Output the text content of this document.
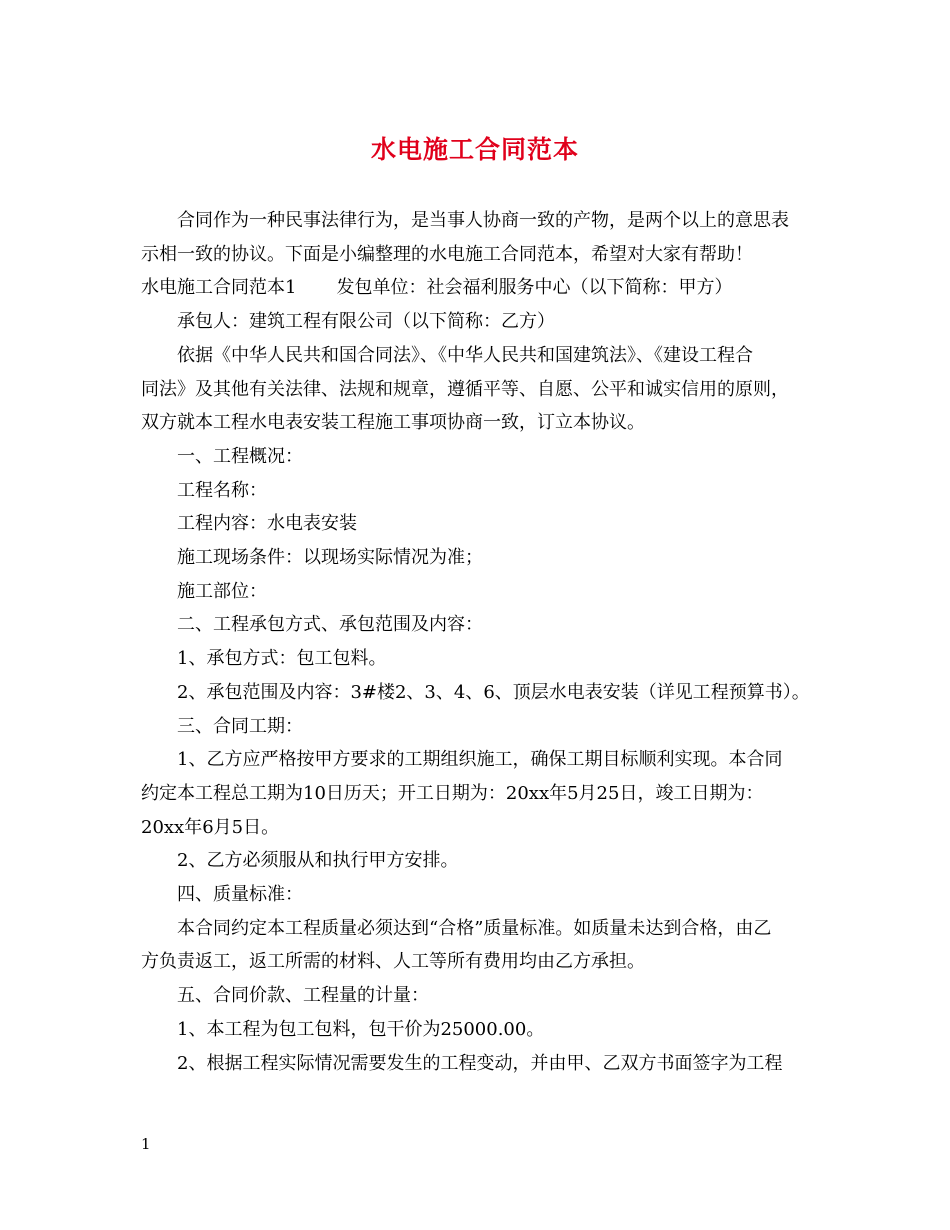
水电施工合同范本

合同作为一种民事法律行为，是当事人协商一致的产物，是两个以上的意思表

示相一致的协议。下面是小编整理的水电施工合同范本，希望对大家有帮助！

水电施工合同范本1 发包单位：社会福利服务中心（以下简称：甲方）

承包人：建筑工程有限公司（以下简称：乙方）

依据《中华人民共和国合同法》、《中华人民共和国建筑法》、《建设工程合

同法》及其他有关法律、法规和规章，遵循平等、自愿、公平和诚实信用的原则，

双方就本工程水电表安装工程施工事项协商一致，订立本协议。

一、工程概况：

工程名称：

工程内容：水电表安装

施工现场条件：以现场实际情况为准；

施工部位：

二、工程承包方式、承包范围及内容：

1、承包方式：包工包料。

2、承包范围及内容：3#楼2、3、4、6、顶层水电表安装（详见工程预算书）。

三、合同工期：

1、乙方应严格按甲方要求的工期组织施工，确保工期目标顺利实现。本合同

约定本工程总工期为10日历天；开工日期为：20xx年5月25日，竣工日期为：

20xx年6月5日。

2、乙方必须服从和执行甲方安排。

四、质量标准：

本合同约定本工程质量必须达到“合格”质量标准。如质量未达到合格，由乙

方负责返工，返工所需的材料、人工等所有费用均由乙方承担。

五、合同价款、工程量的计量：

1、本工程为包工包料，包干价为25000.00。

2、根据工程实际情况需要发生的工程变动，并由甲、乙双方书面签字为工程

1
